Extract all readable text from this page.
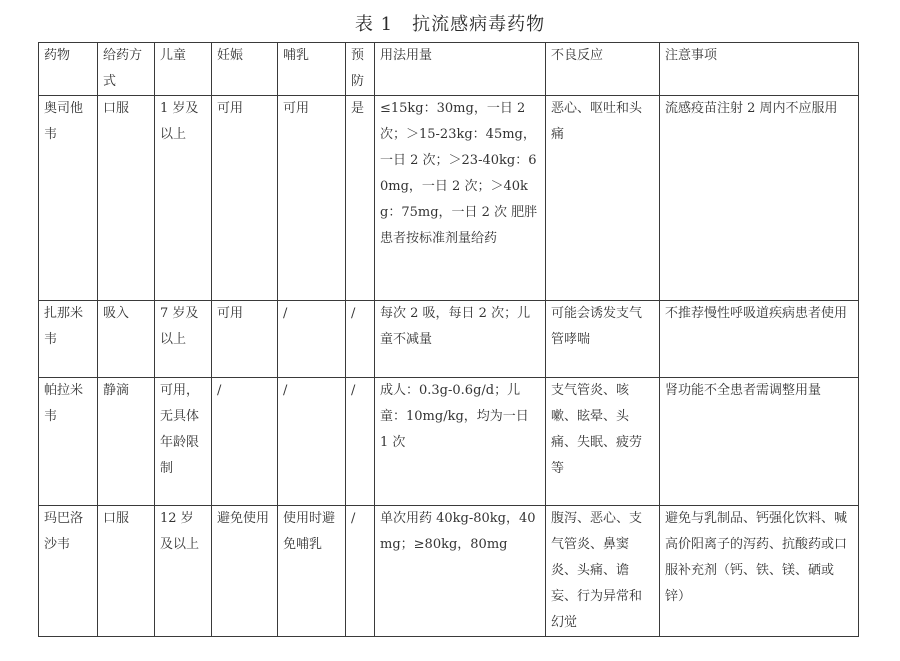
表 1　抗流感病毒药物
药物	给药方式	儿童	妊娠	哺乳	预防	用法用量	不良反应	注意事项
奥司他韦	口服	1 岁及以上	可用	可用	是	≤15kg：30mg，一日 2 次；＞15-23kg：45mg，一日 2 次；＞23-40kg：60mg，一日 2 次；＞40kg：75mg，一日 2 次 肥胖患者按标准剂量给药	恶心、呕吐和头痛	流感疫苗注射 2 周内不应服用
扎那米韦	吸入	7 岁及以上	可用	/	/	每次 2 吸，每日 2 次；儿童不减量	可能会诱发支气管哮喘	不推荐慢性呼吸道疾病患者使用
帕拉米韦	静滴	可用，无具体年龄限制	/	/	/	成人：0.3g-0.6g/d；儿童：10mg/kg，均为一日 1 次	支气管炎、咳嗽、眩晕、头痛、失眠、疲劳等	肾功能不全患者需调整用量
玛巴洛沙韦	口服	12 岁及以上	避免使用	使用时避免哺乳	/	单次用药 40kg-80kg，40mg；≥80kg，80mg	腹泻、恶心、支气管炎、鼻窦炎、头痛、谵妄、行为异常和幻觉	避免与乳制品、钙强化饮料、喊高价阳离子的泻药、抗酸药或口服补充剂（钙、铁、镁、硒或锌）
